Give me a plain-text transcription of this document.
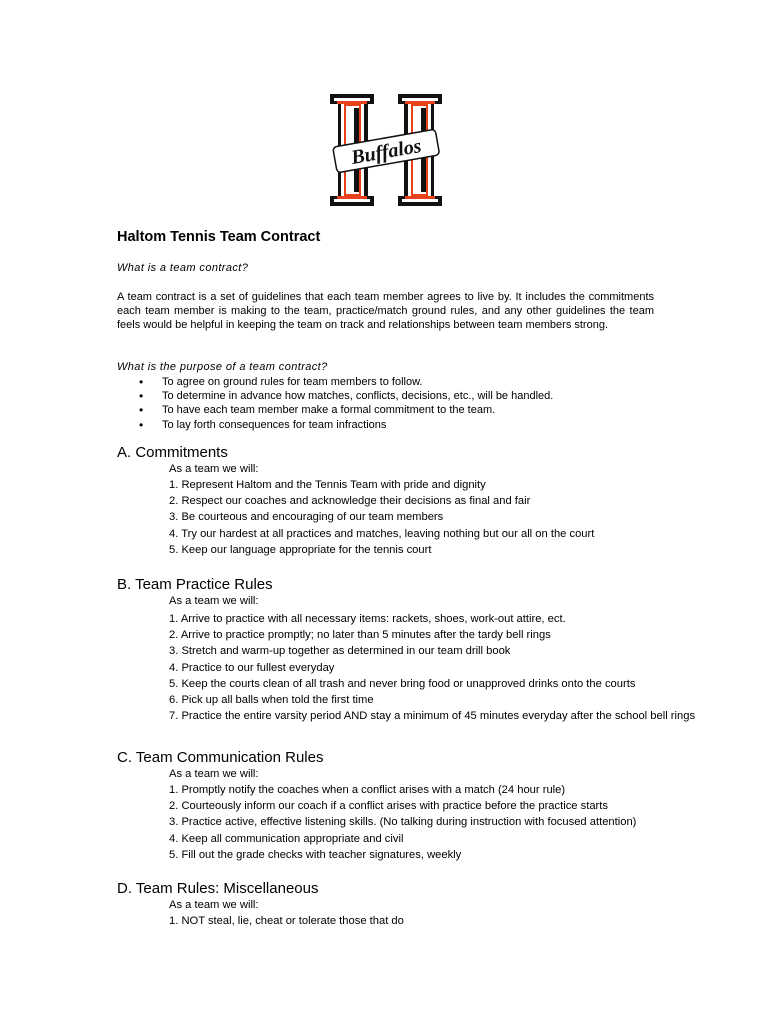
Buffalos
Haltom Tennis Team Contract
What is a team contract?
A team contract is a set of guidelines that each team member agrees to live by. It includes the commitments each team member is making to the team, practice/match ground rules, and any other guidelines the team feels would be helpful in keeping the team on track and relationships between team members strong.
What is the purpose of a team contract?
• To agree on ground rules for team members to follow.
• To determine in advance how matches, conflicts, decisions, etc., will be handled.
• To have each team member make a formal commitment to the team.
• To lay forth consequences for team infractions
A. Commitments
As a team we will:
1. Represent Haltom and the Tennis Team with pride and dignity
2. Respect our coaches and acknowledge their decisions as final and fair
3. Be courteous and encouraging of our team members
4. Try our hardest at all practices and matches, leaving nothing but our all on the court
5. Keep our language appropriate for the tennis court
B. Team Practice Rules
As a team we will:
1. Arrive to practice with all necessary items: rackets, shoes, work-out attire, ect.
2. Arrive to practice promptly; no later than 5 minutes after the tardy bell rings
3. Stretch and warm-up together as determined in our team drill book
4. Practice to our fullest everyday
5. Keep the courts clean of all trash and never bring food or unapproved drinks onto the courts
6. Pick up all balls when told the first time
7. Practice the entire varsity period AND stay a minimum of 45 minutes everyday after the school bell rings
C. Team Communication Rules
As a team we will:
1. Promptly notify the coaches when a conflict arises with a match (24 hour rule)
2. Courteously inform our coach if a conflict arises with practice before the practice starts
3. Practice active, effective listening skills. (No talking during instruction with focused attention)
4. Keep all communication appropriate and civil
5. Fill out the grade checks with teacher signatures, weekly
D. Team Rules: Miscellaneous
As a team we will:
1. NOT steal, lie, cheat or tolerate those that do
